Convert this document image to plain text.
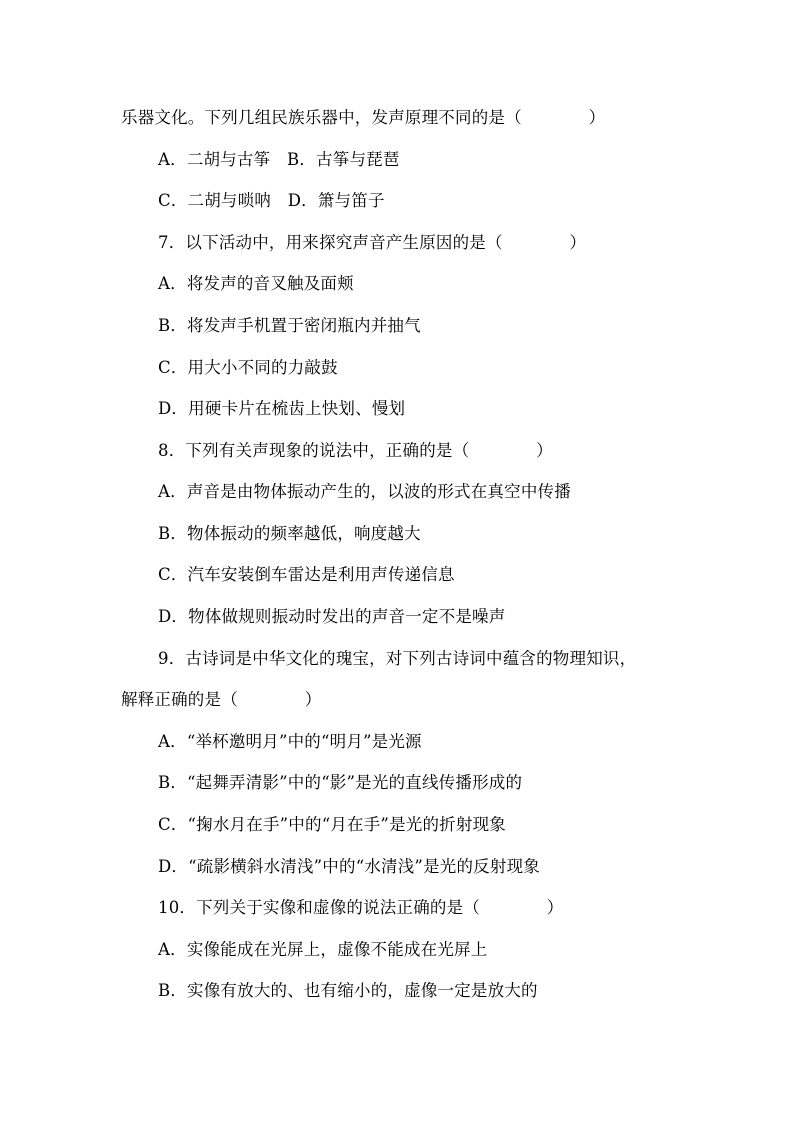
乐器文化。下列几组民族乐器中，发声原理不同的是（　　　　）
A．二胡与古筝　B．古筝与琵琶
C．二胡与唢呐　D．箫与笛子
7．以下活动中，用来探究声音产生原因的是（　　　　）
A．将发声的音叉触及面颊
B．将发声手机置于密闭瓶内并抽气
C．用大小不同的力敲鼓
D．用硬卡片在梳齿上快划、慢划
8．下列有关声现象的说法中，正确的是（　　　　）
A．声音是由物体振动产生的，以波的形式在真空中传播
B．物体振动的频率越低，响度越大
C．汽车安装倒车雷达是利用声传递信息
D．物体做规则振动时发出的声音一定不是噪声
9．古诗词是中华文化的瑰宝，对下列古诗词中蕴含的物理知识，
解释正确的是（　　　　）
A．“举杯邀明月”中的“明月”是光源
B．“起舞弄清影”中的“影”是光的直线传播形成的
C．“掬水月在手”中的“月在手”是光的折射现象
D．“疏影横斜水清浅”中的“水清浅”是光的反射现象
10．下列关于实像和虚像的说法正确的是（　　　　）
A．实像能成在光屏上，虚像不能成在光屏上
B．实像有放大的、也有缩小的，虚像一定是放大的
